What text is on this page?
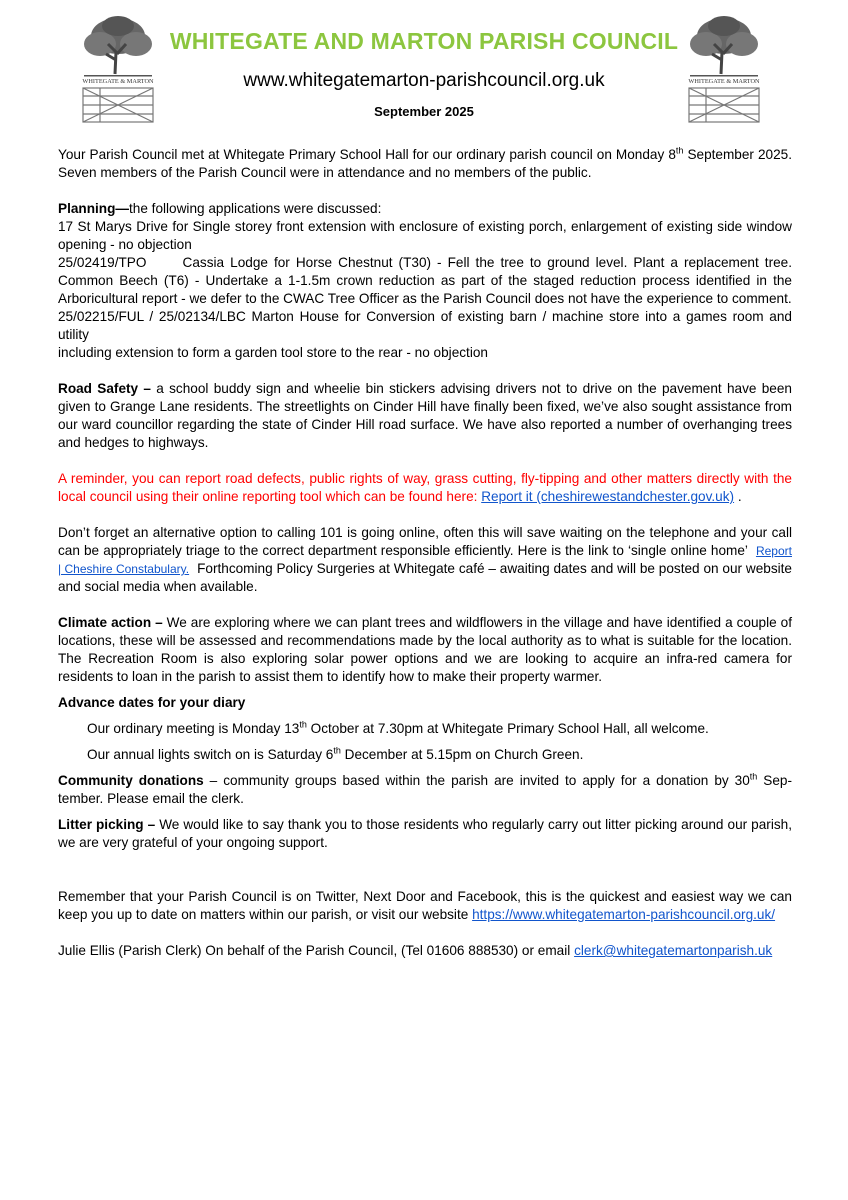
WHITEGATE & MARTON	WHITEGATE & MARTON
WHITEGATE AND MARTON PARISH COUNCIL

www.whitegatemarton-parishcouncil.org.uk

September 2025

Your Parish Council met at Whitegate Primary School Hall for our ordinary parish council on Monday 8th September 2025. Seven members of the Parish Council were in attendance and no members of the public.

Planning—the following applications were discussed:

17 St Marys Drive for Single storey front extension with enclosure of existing porch, enlargement of existing side window opening - no objection

25/02419/TPO      Cassia Lodge for Horse Chestnut (T30) - Fell the tree to ground level. Plant a replacement tree. Common Beech (T6) - Undertake a 1-1.5m crown reduction as part of the staged reduction process identified in the Arboricultural report - we defer to the CWAC Tree Officer as the Parish Council does not have the experience to comment.

25/02215/FUL / 25/02134/LBC Marton House for Conversion of existing barn / machine store into a games room and utility

including extension to form a garden tool store to the rear - no objection

Road Safety – a school buddy sign and wheelie bin stickers advising drivers not to drive on the pavement have been given to Grange Lane residents. The streetlights on Cinder Hill have finally been fixed, we’ve also sought assistance from our ward councillor regarding the state of Cinder Hill road surface. We have also reported a number of overhanging trees and hedges to highways.

A reminder, you can report road defects, public rights of way, grass cutting, fly-tipping and other matters directly with the local council using their online reporting tool which can be found here: Report it (cheshirewestandchester.gov.uk) .

Don’t forget an alternative option to calling 101 is going online, often this will save waiting on the telephone and your call can be appropriately triage to the correct department responsible efficiently. Here is the link to ‘single online home’ Report | Cheshire Constabulary. Forthcoming Policy Surgeries at Whitegate café – awaiting dates and will be posted on our website and social media when available.

Climate action – We are exploring where we can plant trees and wildflowers in the village and have identified a couple of locations, these will be assessed and recommendations made by the local authority as to what is suitable for the location. The Recreation Room is also exploring solar power options and we are looking to acquire an infra-red camera for residents to loan in the parish to assist them to identify how to make their property warmer.

Advance dates for your diary

Our ordinary meeting is Monday 13th October at 7.30pm at Whitegate Primary School Hall, all welcome.

Our annual lights switch on is Saturday 6th December at 5.15pm on Church Green.

Community donations – community groups based within the parish are invited to apply for a donation by 30th September. Please email the clerk.

Litter picking – We would like to say thank you to those residents who regularly carry out litter picking around our parish, we are very grateful of your ongoing support.

Remember that your Parish Council is on Twitter, Next Door and Facebook, this is the quickest and easiest way we can keep you up to date on matters within our parish, or visit our website https://www.whitegatemarton-parishcouncil.org.uk/

Julie Ellis (Parish Clerk) On behalf of the Parish Council, (Tel 01606 888530) or email clerk@whitegatemartonparish.uk
